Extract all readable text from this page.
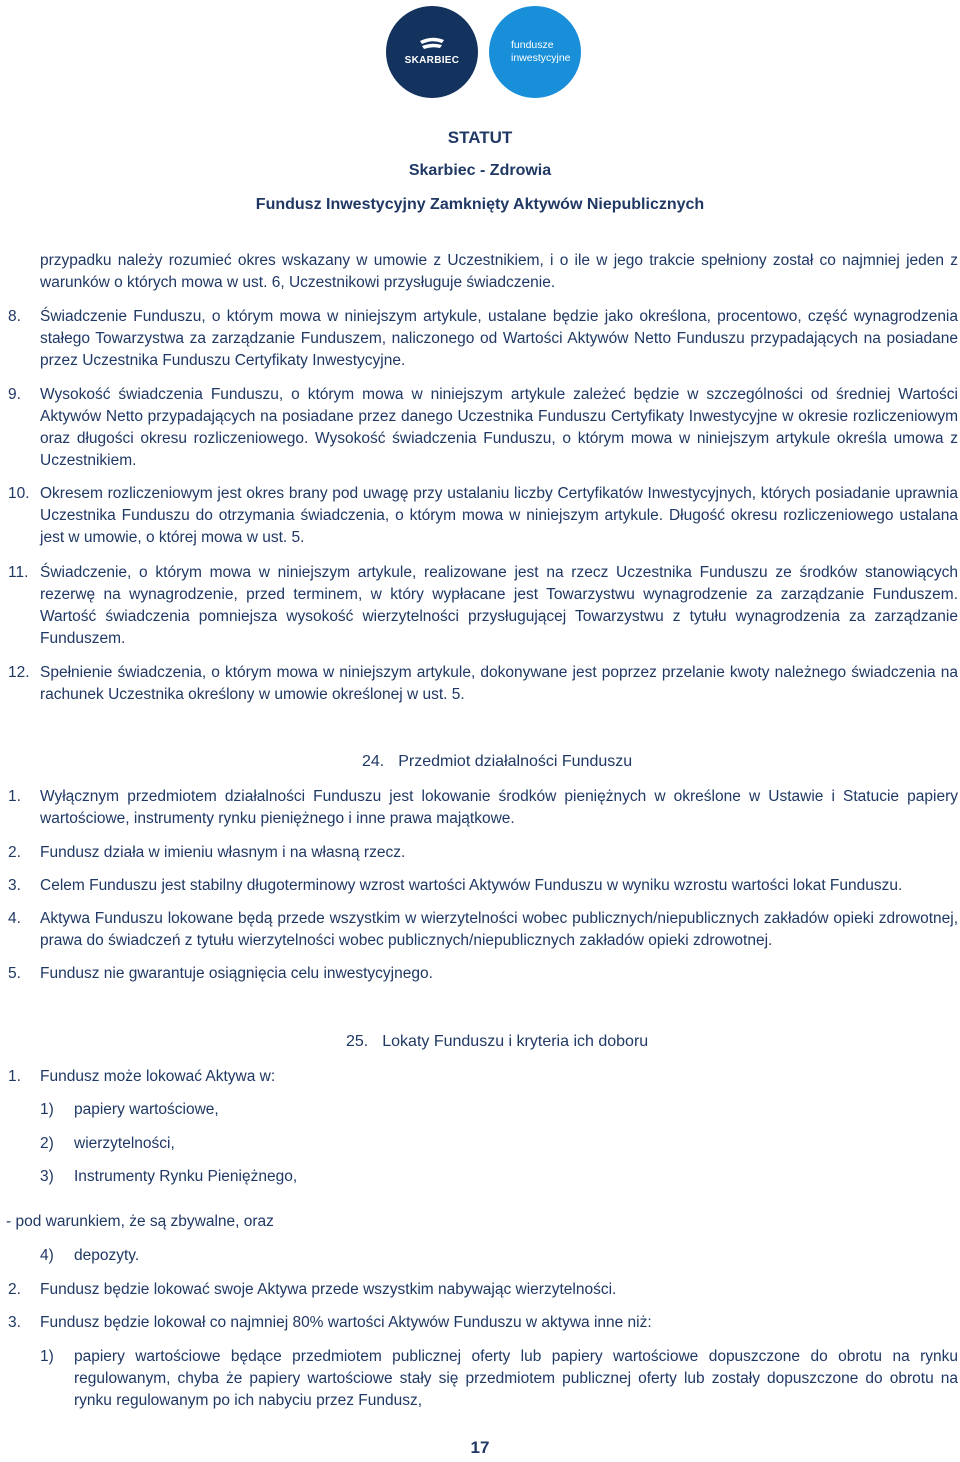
SKARBIEC
fundusze
inwestycyjne
STATUT
Skarbiec - Zdrowia
Fundusz Inwestycyjny Zamknięty Aktywów Niepublicznych
przypadku należy rozumieć okres wskazany w umowie z Uczestnikiem, i o ile w jego trakcie spełniony został co najmniej jeden z warunków o których mowa w ust. 6, Uczestnikowi przysługuje świadczenie.
8. Świadczenie Funduszu, o którym mowa w niniejszym artykule, ustalane będzie jako określona, procentowo, część wynagrodzenia stałego Towarzystwa za zarządzanie Funduszem, naliczonego od Wartości Aktywów Netto Funduszu przypadających na posiadane przez Uczestnika Funduszu Certyfikaty Inwestycyjne.
9. Wysokość świadczenia Funduszu, o którym mowa w niniejszym artykule zależeć będzie w szczególności od średniej Wartości Aktywów Netto przypadających na posiadane przez danego Uczestnika Funduszu Certyfikaty Inwestycyjne w okresie rozliczeniowym oraz długości okresu rozliczeniowego. Wysokość świadczenia Funduszu, o którym mowa w niniejszym artykule określa umowa z Uczestnikiem.
10. Okresem rozliczeniowym jest okres brany pod uwagę przy ustalaniu liczby Certyfikatów Inwestycyjnych, których posiadanie uprawnia Uczestnika Funduszu do otrzymania świadczenia, o którym mowa w niniejszym artykule. Długość okresu rozliczeniowego ustalana jest w umowie, o której mowa w ust. 5.
11. Świadczenie, o którym mowa w niniejszym artykule, realizowane jest na rzecz Uczestnika Funduszu ze środków stanowiących rezerwę na wynagrodzenie, przed terminem, w który wypłacane jest Towarzystwu wynagrodzenie za zarządzanie Funduszem. Wartość świadczenia pomniejsza wysokość wierzytelności przysługującej Towarzystwu z tytułu wynagrodzenia za zarządzanie Funduszem.
12. Spełnienie świadczenia, o którym mowa w niniejszym artykule, dokonywane jest poprzez przelanie kwoty należnego świadczenia na rachunek Uczestnika określony w umowie określonej w ust. 5.
24. Przedmiot działalności Funduszu
1. Wyłącznym przedmiotem działalności Funduszu jest lokowanie środków pieniężnych w określone w Ustawie i Statucie papiery wartościowe, instrumenty rynku pieniężnego i inne prawa majątkowe.
2. Fundusz działa w imieniu własnym i na własną rzecz.
3. Celem Funduszu jest stabilny długoterminowy wzrost wartości Aktywów Funduszu w wyniku wzrostu wartości lokat Funduszu.
4. Aktywa Funduszu lokowane będą przede wszystkim w wierzytelności wobec publicznych/niepublicznych zakładów opieki zdrowotnej, prawa do świadczeń z tytułu wierzytelności wobec publicznych/niepublicznych zakładów opieki zdrowotnej.
5. Fundusz nie gwarantuje osiągnięcia celu inwestycyjnego.
25. Lokaty Funduszu i kryteria ich doboru
1. Fundusz może lokować Aktywa w:
1) papiery wartościowe,
2) wierzytelności,
3) Instrumenty Rynku Pieniężnego,
- pod warunkiem, że są zbywalne, oraz
4) depozyty.
2. Fundusz będzie lokować swoje Aktywa przede wszystkim nabywając wierzytelności.
3. Fundusz będzie lokował co najmniej 80% wartości Aktywów Funduszu w aktywa inne niż:
1) papiery wartościowe będące przedmiotem publicznej oferty lub papiery wartościowe dopuszczone do obrotu na rynku regulowanym, chyba że papiery wartościowe stały się przedmiotem publicznej oferty lub zostały dopuszczone do obrotu na rynku regulowanym po ich nabyciu przez Fundusz,
17
